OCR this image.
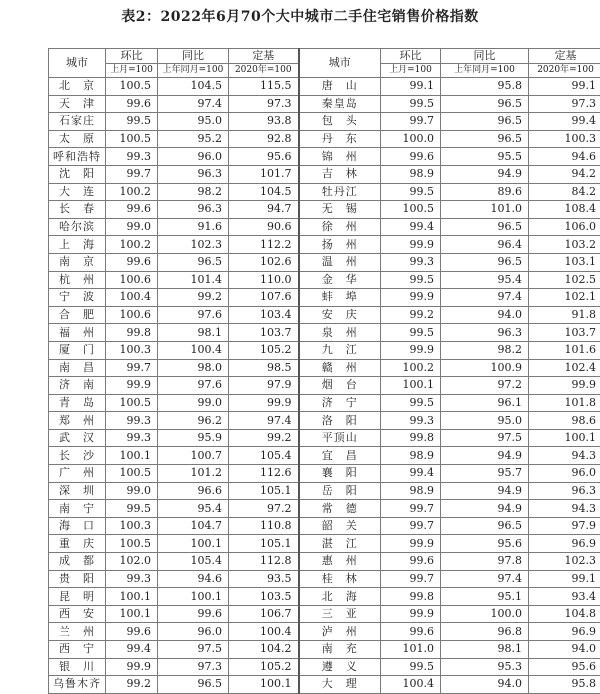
表2：2022年6月70个大中城市二手住宅销售价格指数
城市	环比	同比	定基	城市	环比	同比	定基
	上月=100	上年同月=100	2020年=100		上月=100	上年同月=100	2020年=100
北　京	100.5	104.5	115.5	唐　山	99.1	95.8	99.1
天　津	99.6	97.4	97.3	秦皇岛	99.5	96.5	97.3
石家庄	99.5	95.0	93.8	包　头	99.7	96.5	99.4
太　原	100.5	95.2	92.8	丹　东	100.0	96.5	100.3
呼和浩特	99.3	96.0	95.6	锦　州	99.6	95.5	94.6
沈　阳	99.7	96.3	101.7	吉　林	98.9	94.9	94.2
大　连	100.2	98.2	104.5	牡丹江	99.5	89.6	84.2
长　春	99.6	96.3	94.7	无　锡	100.5	101.0	108.4
哈尔滨	99.0	91.6	90.6	徐　州	99.4	96.5	106.0
上　海	100.2	102.3	112.2	扬　州	99.9	96.4	103.2
南　京	99.6	96.5	102.6	温　州	99.3	96.5	103.1
杭　州	100.6	101.4	110.0	金　华	99.5	95.4	102.5
宁　波	100.4	99.2	107.6	蚌　埠	99.9	97.4	102.1
合　肥	100.6	97.6	103.4	安　庆	99.2	94.0	91.8
福　州	99.8	98.1	103.7	泉　州	99.5	96.3	103.7
厦　门	100.3	100.4	105.2	九　江	99.9	98.2	101.6
南　昌	99.7	98.0	98.5	赣　州	100.2	100.9	102.4
济　南	99.9	97.6	97.9	烟　台	100.1	97.2	99.9
青　岛	100.5	99.0	99.9	济　宁	99.5	96.1	101.8
郑　州	99.3	96.2	97.4	洛　阳	99.3	95.0	98.6
武　汉	99.3	95.9	99.2	平顶山	99.8	97.5	100.1
长　沙	100.1	100.7	105.4	宜　昌	98.9	94.9	94.3
广　州	100.5	101.2	112.6	襄　阳	99.4	95.7	96.0
深　圳	99.0	96.6	105.1	岳　阳	98.9	94.9	96.3
南　宁	99.5	95.4	97.2	常　德	99.7	94.9	94.3
海　口	100.3	104.7	110.8	韶　关	99.7	96.5	97.9
重　庆	100.5	100.1	105.1	湛　江	99.9	95.6	96.9
成　都	102.0	105.4	112.8	惠　州	99.6	97.8	102.3
贵　阳	99.3	94.6	93.5	桂　林	99.7	97.4	99.1
昆　明	100.1	100.1	103.5	北　海	99.8	95.1	93.4
西　安	100.1	99.6	106.7	三　亚	99.9	100.0	104.8
兰　州	99.6	96.0	100.4	泸　州	99.6	96.8	96.9
西　宁	99.4	97.5	104.2	南　充	101.0	98.1	94.0
银　川	99.9	97.3	105.2	遵　义	99.5	95.3	95.6
乌鲁木齐	99.2	96.5	100.1	大　理	100.4	94.0	95.8
